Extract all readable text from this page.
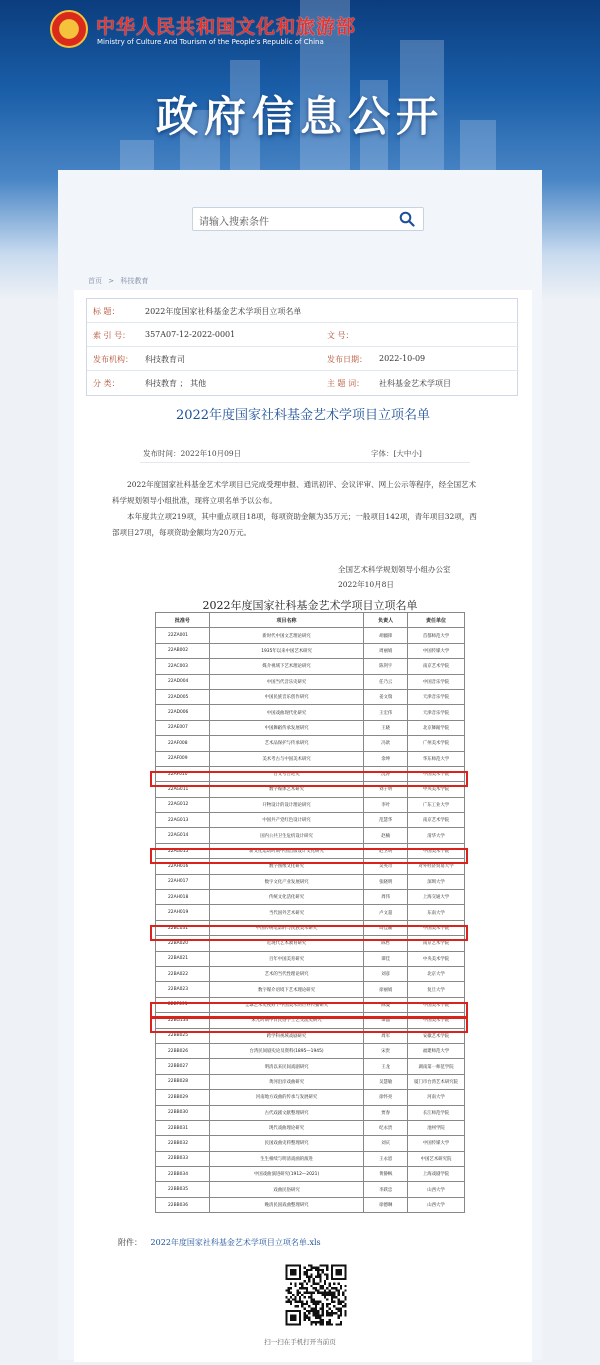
中华人民共和国文化和旅游部
Ministry of Culture And Tourism of the People's Republic of China
政府信息公开
请输入搜索条件
首页 > 科技教育
标 题：	2022年度国家社科基金艺术学项目立项名单
索 引 号： 357A07-12-2022-0001	文 号：
发布机构： 科技教育司	发布日期： 2022-10-09
分 类：	科技教育 ； 其他	主 题 词： 社科基金艺术学项目
2022年度国家社科基金艺术学项目立项名单
发布时间：2022年10月09日	字体：[大中小]
2022年度国家社科基金艺术学项目已完成受理申报、通讯初评、会议评审、网上公示等程序，经全国艺术科学规划领导小组批准，现将立项名单予以公布。
本年度共立项219项，其中重点项目18项，每项资助金额为35万元；一般项目142项，青年项目32项，西部项目27项，每项资助金额均为20万元。
全国艺术科学规划领导小组办公室
2022年10月8日
2022年度国家社科基金艺术学项目立项名单
批准号	项目名称	负责人	责任单位
22ZA001	新时代中国文艺理论研究	胡疆锋	首都师范大学
22AB002	1935年以来中国艺术研究	周丽娟	中国传媒大学
22AC003	媒介视域下艺术理论研究	陈剑宇	南京艺术学院
22AD004	中国当代音乐史研究	任乃云	中国音乐学院
22AD005	中国民族音乐创作研究	姜文瑞	天津音乐学院
22AD006	中国戏曲现代化研究	王宏伟	天津音乐学院
22AE007	中国舞蹈传承发展研究	王晓	北京舞蹈学院
22AF008	艺术品保护与传承研究	冯歆	广州美术学院
22AF009	美术考古与中国美术研究	余坤	华东师范大学
22AF010	百文考古论史	沈涛	中国美术学院
22AG011	数字媒体艺术研究	刘子明	中央美术学院
22AG012	开物设计的设计理论研究	李叶	广东工业大学
22AG013	中国共产党红色设计研究	范慧华	南京艺术学院
22AG014	国内公共卫生危机设计研究	赵楠	清华大学
22AG015	新文化运动时期中国出版设计文化研究	赵卫明	中国美术学院
22AH016	数字图像文化研究	吴英奇	对外经济贸易大学
22AH017	数字文化产业发展研究	张晓明	深圳大学
22AH018	传统文化活化研究	周伟	上海交通大学
22AH019	当代国外艺术研究	卢文超	东南大学
22BC031	中国传统电影的与民族美术研究	周佳颖	中国美术学院
22BA020	近现代艺术教育研究	陈哲	南京艺术学院
22BA021	百年中国美育研究	谭佳	中央美术学院
22BA022	艺术的当代性理论研究	刘彦	北京大学
22BA023	数字媒介语境下艺术理论研究	徐丽娟	复旦大学
22BF091	全球艺术史视野下中国美术的世界传播研究	陈曼	中国美术学院
22BG134	宋元时期中日民俗学工艺交流史研究	谭晶	中国美术学院
22BB025	跨学科视域戏剧研究	周军	安徽艺术学院
22BB026	台湾民间剧史论及资料(1895—1945)	宋贵	福建师范大学
22BB027	明清以来民间戏剧研究	王龙	湖南第一师范学院
22BB028	黄河沿岸戏曲研究	吴慧敏	厦门市台湾艺术研究院
22BB029	河南地方戏曲的传承与发展研究	徐怀亮	河南大学
22BB030	古代戏剧文献整理研究	贾春	长江师范学院
22BB031	现代戏曲理论研究	纪永贵	池州学院
22BB032	民国戏曲史料整理研究	刘庆	中国传媒大学
22BB033	生生相续与明清戏曲的演进	王永恩	中国艺术研究院
22BB034	中国戏曲演进研究(1912—2021)	黄静枫	上海戏剧学院
22BB035	戏曲民俗研究	李跃忠	山西大学
22BB036	晚清民国戏曲整理研究	徐德琳	山西大学
附件： 2022年度国家社科基金艺术学项目立项名单.xls
扫一扫在手机打开当前页
